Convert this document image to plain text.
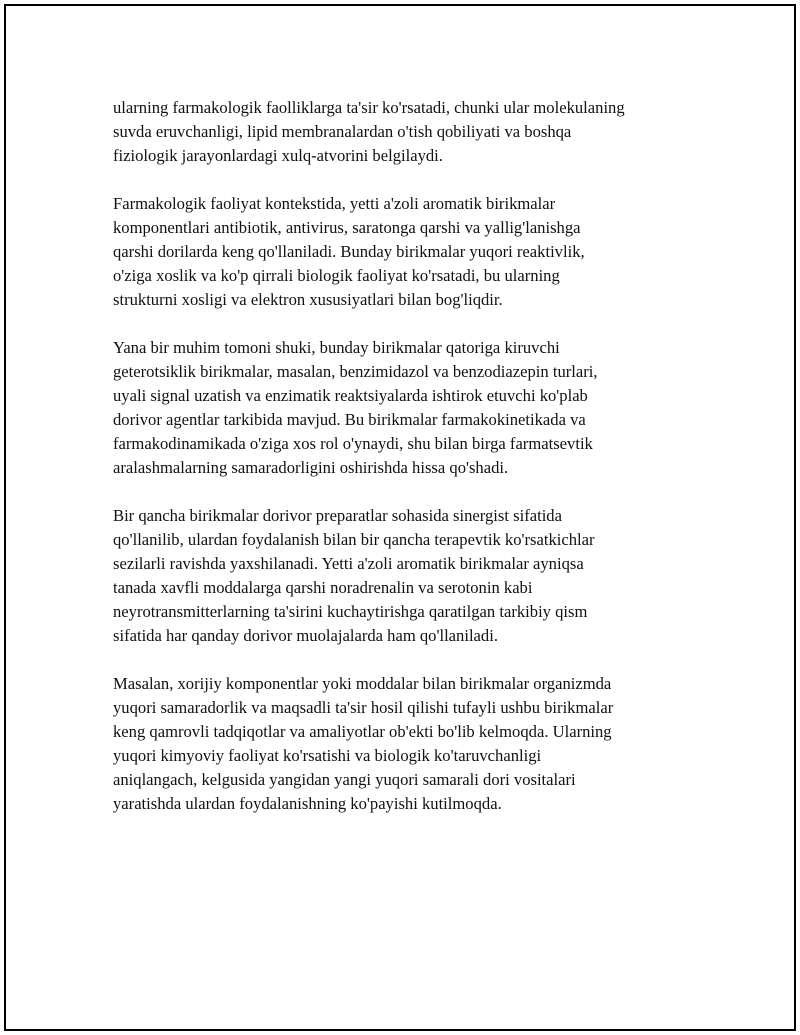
ularning farmakologik faolliklarga ta'sir ko'rsatadi, chunki ular molekulaning
suvda eruvchanligi, lipid membranalardan o'tish qobiliyati va boshqa
fiziologik jarayonlardagi xulq-atvorini belgilaydi.

Farmakologik faoliyat kontekstida, yetti a'zoli aromatik birikmalar
komponentlari antibiotik, antivirus, saratonga qarshi va yallig'lanishga
qarshi dorilarda keng qo'llaniladi. Bunday birikmalar yuqori reaktivlik,
o'ziga xoslik va ko'p qirrali biologik faoliyat ko'rsatadi, bu ularning
strukturni xosligi va elektron xususiyatlari bilan bog'liqdir.

Yana bir muhim tomoni shuki, bunday birikmalar qatoriga kiruvchi
geterotsiklik birikmalar, masalan, benzimidazol va benzodiazepin turlari,
uyali signal uzatish va enzimatik reaktsiyalarda ishtirok etuvchi ko'plab
dorivor agentlar tarkibida mavjud. Bu birikmalar farmakokinetikada va
farmakodinamikada o'ziga xos rol o'ynaydi, shu bilan birga farmatsevtik
aralashmalarning samaradorligini oshirishda hissa qo'shadi.

Bir qancha birikmalar dorivor preparatlar sohasida sinergist sifatida
qo'llanilib, ulardan foydalanish bilan bir qancha terapevtik ko'rsatkichlar
sezilarli ravishda yaxshilanadi. Yetti a'zoli aromatik birikmalar ayniqsa
tanada xavfli moddalarga qarshi noradrenalin va serotonin kabi
neyrotransmitterlarning ta'sirini kuchaytirishga qaratilgan tarkibiy qism
sifatida har qanday dorivor muolajalarda ham qo'llaniladi.

Masalan, xorijiy komponentlar yoki moddalar bilan birikmalar organizmda
yuqori samaradorlik va maqsadli ta'sir hosil qilishi tufayli ushbu birikmalar
keng qamrovli tadqiqotlar va amaliyotlar ob'ekti bo'lib kelmoqda. Ularning
yuqori kimyoviy faoliyat ko'rsatishi va biologik ko'taruvchanligi
aniqlangach, kelgusida yangidan yangi yuqori samarali dori vositalari
yaratishda ulardan foydalanishning ko'payishi kutilmoqda.
